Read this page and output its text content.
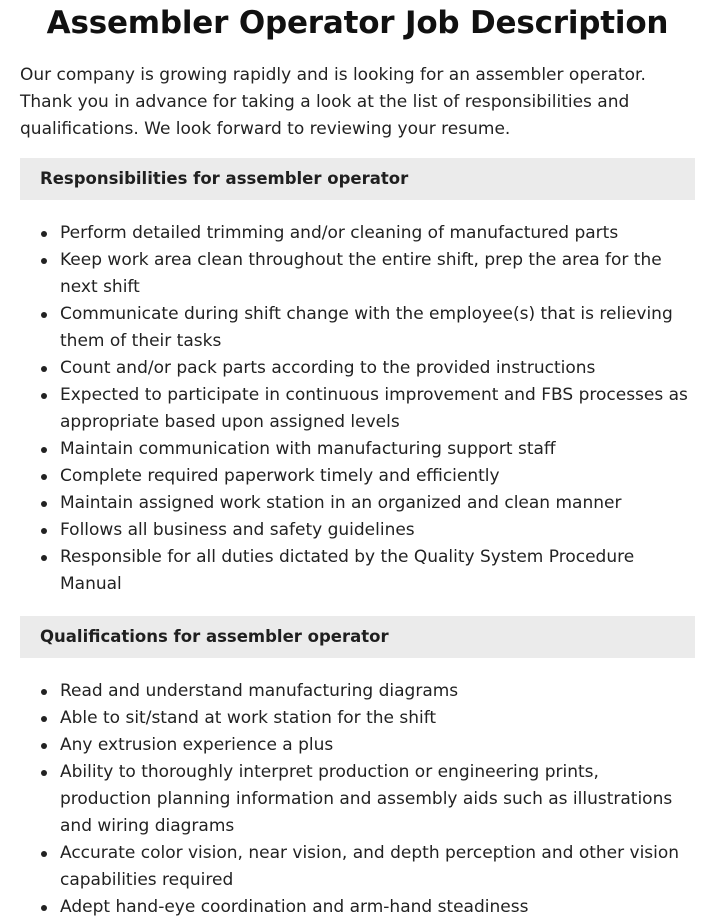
Assembler Operator Job Description

Our company is growing rapidly and is looking for an assembler operator. Thank you in advance for taking a look at the list of responsibilities and qualifications. We look forward to reviewing your resume.

Responsibilities for assembler operator
Perform detailed trimming and/or cleaning of manufactured parts
Keep work area clean throughout the entire shift, prep the area for the next shift
Communicate during shift change with the employee(s) that is relieving them of their tasks
Count and/or pack parts according to the provided instructions
Expected to participate in continuous improvement and FBS processes as appropriate based upon assigned levels
Maintain communication with manufacturing support staff
Complete required paperwork timely and efficiently
Maintain assigned work station in an organized and clean manner
Follows all business and safety guidelines
Responsible for all duties dictated by the Quality System Procedure Manual
Qualifications for assembler operator
Read and understand manufacturing diagrams
Able to sit/stand at work station for the shift
Any extrusion experience a plus
Ability to thoroughly interpret production or engineering prints, production planning information and assembly aids such as illustrations and wiring diagrams
Accurate color vision, near vision, and depth perception and other vision capabilities required
Adept hand-eye coordination and arm-hand steadiness
